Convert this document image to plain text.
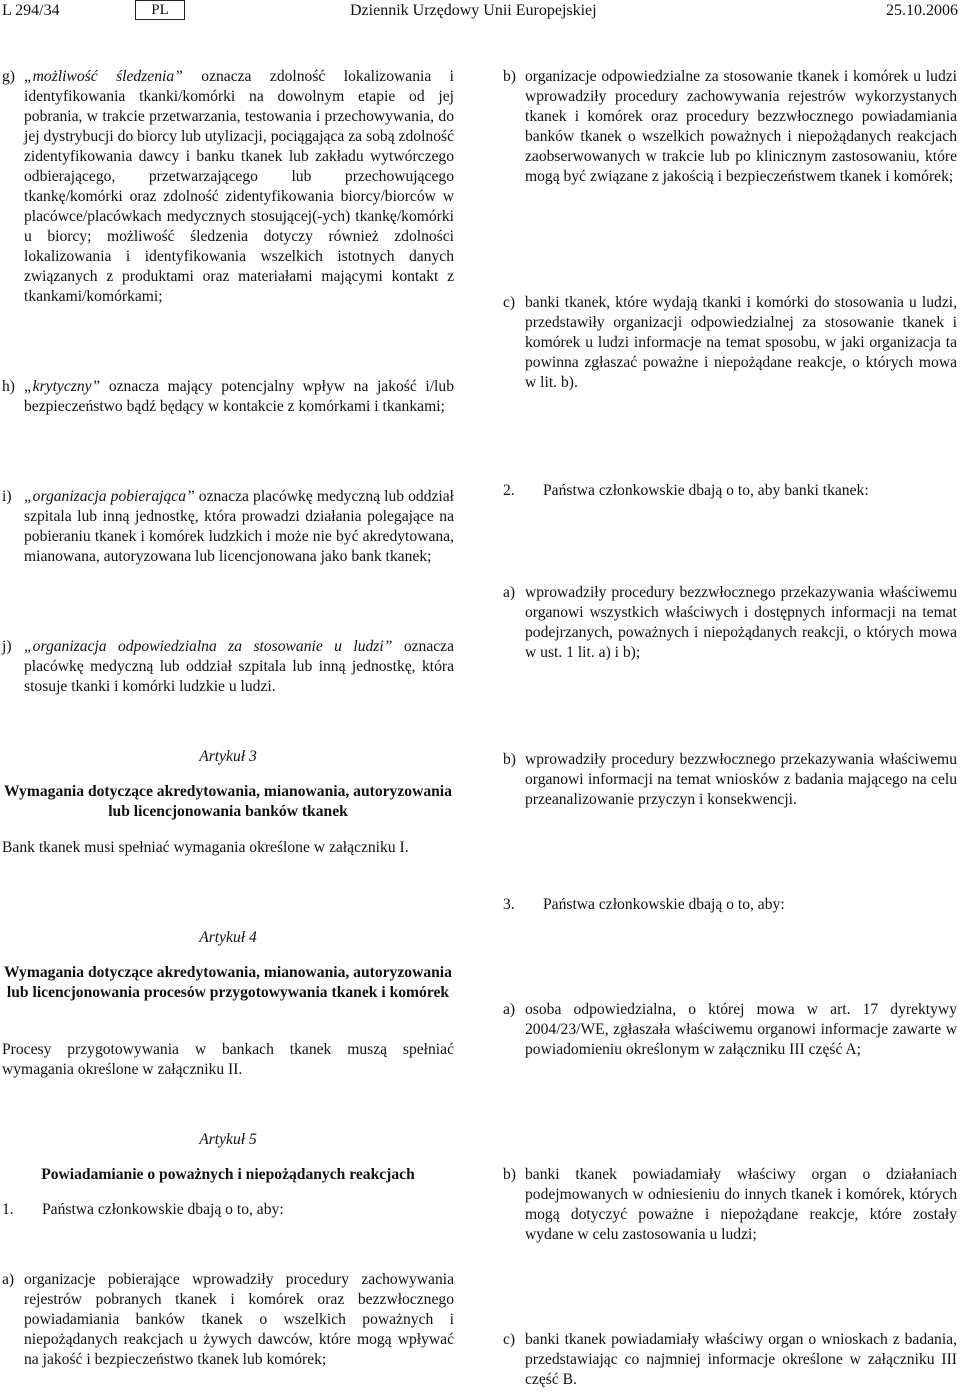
L 294/34	PL	Dziennik Urzędowy Unii Europejskiej	25.10.2006
g) „możliwość śledzenia” oznacza zdolność lokalizowania i identyfikowania tkanki/komórki na dowolnym etapie od jej pobrania, w trakcie przetwarzania, testowania i przechowywania, do jej dystrybucji do biorcy lub utylizacji, pociągająca za sobą zdolność zidentyfikowania dawcy i banku tkanek lub zakładu wytwórczego odbierającego, przetwarzającego lub przechowującego tkankę/komórki oraz zdolność zidentyfikowania biorcy/biorców w placówce/placówkach medycznych stosującej(-ych) tkankę/komórki u biorcy; możliwość śledzenia dotyczy również zdolności lokalizowania i identyfikowania wszelkich istotnych danych związanych z produktami oraz materiałami mającymi kontakt z tkankami/komórkami;
h) „krytyczny” oznacza mający potencjalny wpływ na jakość i/lub bezpieczeństwo bądź będący w kontakcie z komórkami i tkankami;
i) „organizacja pobierająca” oznacza placówkę medyczną lub oddział szpitala lub inną jednostkę, która prowadzi działania polegające na pobieraniu tkanek i komórek ludzkich i może nie być akredytowana, mianowana, autoryzowana lub licencjonowana jako bank tkanek;
j) „organizacja odpowiedzialna za stosowanie u ludzi” oznacza placówkę medyczną lub oddział szpitala lub inną jednostkę, która stosuje tkanki i komórki ludzkie u ludzi.
Artykuł 3
Wymagania dotyczące akredytowania, mianowania, autoryzowania lub licencjonowania banków tkanek
Bank tkanek musi spełniać wymagania określone w załączniku I.
Artykuł 4
Wymagania dotyczące akredytowania, mianowania, autoryzowania lub licencjonowania procesów przygotowywania tkanek i komórek
Procesy przygotowywania w bankach tkanek muszą spełniać wymagania określone w załączniku II.
Artykuł 5
Powiadamianie o poważnych i niepożądanych reakcjach
1.	Państwa członkowskie dbają o to, aby:
a) organizacje pobierające wprowadziły procedury zachowywania rejestrów pobranych tkanek i komórek oraz bezzwłocznego powiadamiania banków tkanek o wszelkich poważnych i niepożądanych reakcjach u żywych dawców, które mogą wpływać na jakość i bezpieczeństwo tkanek lub komórek;
b) organizacje odpowiedzialne za stosowanie tkanek i komórek u ludzi wprowadziły procedury zachowywania rejestrów wykorzystanych tkanek i komórek oraz procedury bezzwłocznego powiadamiania banków tkanek o wszelkich poważnych i niepożądanych reakcjach zaobserwowanych w trakcie lub po klinicznym zastosowaniu, które mogą być związane z jakością i bezpieczeństwem tkanek i komórek;
c) banki tkanek, które wydają tkanki i komórki do stosowania u ludzi, przedstawiły organizacji odpowiedzialnej za stosowanie tkanek i komórek u ludzi informacje na temat sposobu, w jaki organizacja ta powinna zgłaszać poważne i niepożądane reakcje, o których mowa w lit. b).
2.	Państwa członkowskie dbają o to, aby banki tkanek:
a) wprowadziły procedury bezzwłocznego przekazywania właściwemu organowi wszystkich właściwych i dostępnych informacji na temat podejrzanych, poważnych i niepożądanych reakcji, o których mowa w ust. 1 lit. a) i b);
b) wprowadziły procedury bezzwłocznego przekazywania właściwemu organowi informacji na temat wniosków z badania mającego na celu przeanalizowanie przyczyn i konsekwencji.
3.	Państwa członkowskie dbają o to, aby:
a) osoba odpowiedzialna, o której mowa w art. 17 dyrektywy 2004/23/WE, zgłaszała właściwemu organowi informacje zawarte w powiadomieniu określonym w załączniku III część A;
b) banki tkanek powiadamiały właściwy organ o działaniach podejmowanych w odniesieniu do innych tkanek i komórek, których mogą dotyczyć poważne i niepożądane reakcje, które zostały wydane w celu zastosowania u ludzi;
c) banki tkanek powiadamiały właściwy organ o wnioskach z badania, przedstawiając co najmniej informacje określone w załączniku III część B.
